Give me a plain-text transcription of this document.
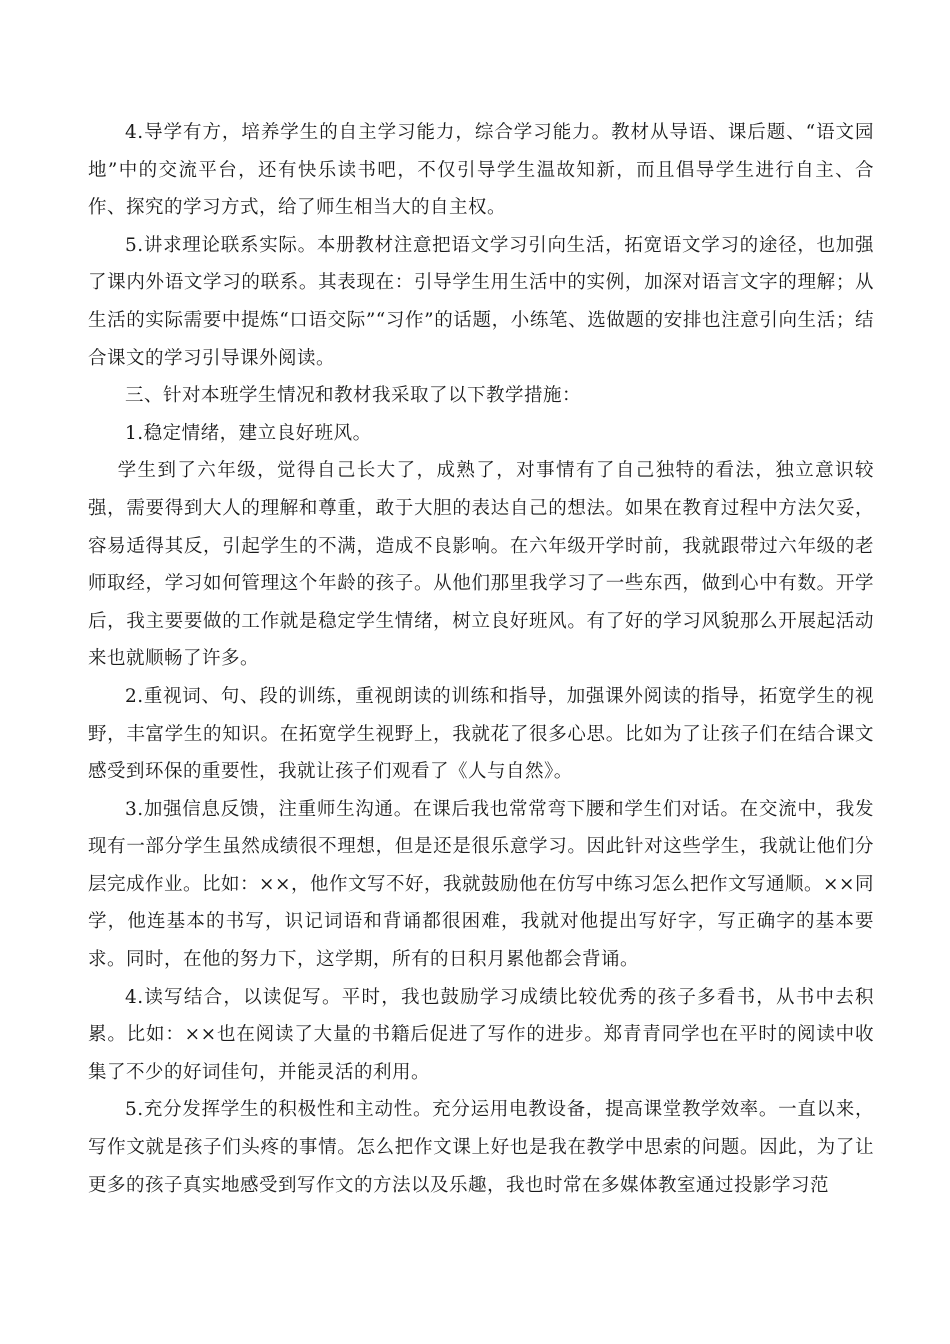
4.导学有方，培养学生的自主学习能力，综合学习能力。教材从导语、课后题、“语文园地”中的交流平台，还有快乐读书吧，不仅引导学生温故知新，而且倡导学生进行自主、合作、探究的学习方式，给了师生相当大的自主权。

5.讲求理论联系实际。本册教材注意把语文学习引向生活，拓宽语文学习的途径，也加强了课内外语文学习的联系。其表现在：引导学生用生活中的实例，加深对语言文字的理解；从生活的实际需要中提炼“口语交际”“习作”的话题，小练笔、选做题的安排也注意引向生活；结合课文的学习引导课外阅读。

三、针对本班学生情况和教材我采取了以下教学措施：

1.稳定情绪，建立良好班风。

学生到了六年级，觉得自己长大了，成熟了，对事情有了自己独特的看法，独立意识较强，需要得到大人的理解和尊重，敢于大胆的表达自己的想法。如果在教育过程中方法欠妥，容易适得其反，引起学生的不满，造成不良影响。在六年级开学时前，我就跟带过六年级的老师取经，学习如何管理这个年龄的孩子。从他们那里我学习了一些东西，做到心中有数。开学后，我主要要做的工作就是稳定学生情绪，树立良好班风。有了好的学习风貌那么开展起活动来也就顺畅了许多。

2.重视词、句、段的训练，重视朗读的训练和指导，加强课外阅读的指导，拓宽学生的视野，丰富学生的知识。在拓宽学生视野上，我就花了很多心思。比如为了让孩子们在结合课文感受到环保的重要性，我就让孩子们观看了《人与自然》。

3.加强信息反馈，注重师生沟通。在课后我也常常弯下腰和学生们对话。在交流中，我发现有一部分学生虽然成绩很不理想，但是还是很乐意学习。因此针对这些学生，我就让他们分层完成作业。比如：××，他作文写不好，我就鼓励他在仿写中练习怎么把作文写通顺。××同学，他连基本的书写，识记词语和背诵都很困难，我就对他提出写好字，写正确字的基本要求。同时，在他的努力下，这学期，所有的日积月累他都会背诵。

4.读写结合，以读促写。平时，我也鼓励学习成绩比较优秀的孩子多看书，从书中去积累。比如：××也在阅读了大量的书籍后促进了写作的进步。郑青青同学也在平时的阅读中收集了不少的好词佳句，并能灵活的利用。

5.充分发挥学生的积极性和主动性。充分运用电教设备，提高课堂教学效率。一直以来，写作文就是孩子们头疼的事情。怎么把作文课上好也是我在教学中思索的问题。因此，为了让更多的孩子真实地感受到写作文的方法以及乐趣，我也时常在多媒体教室通过投影学习范
